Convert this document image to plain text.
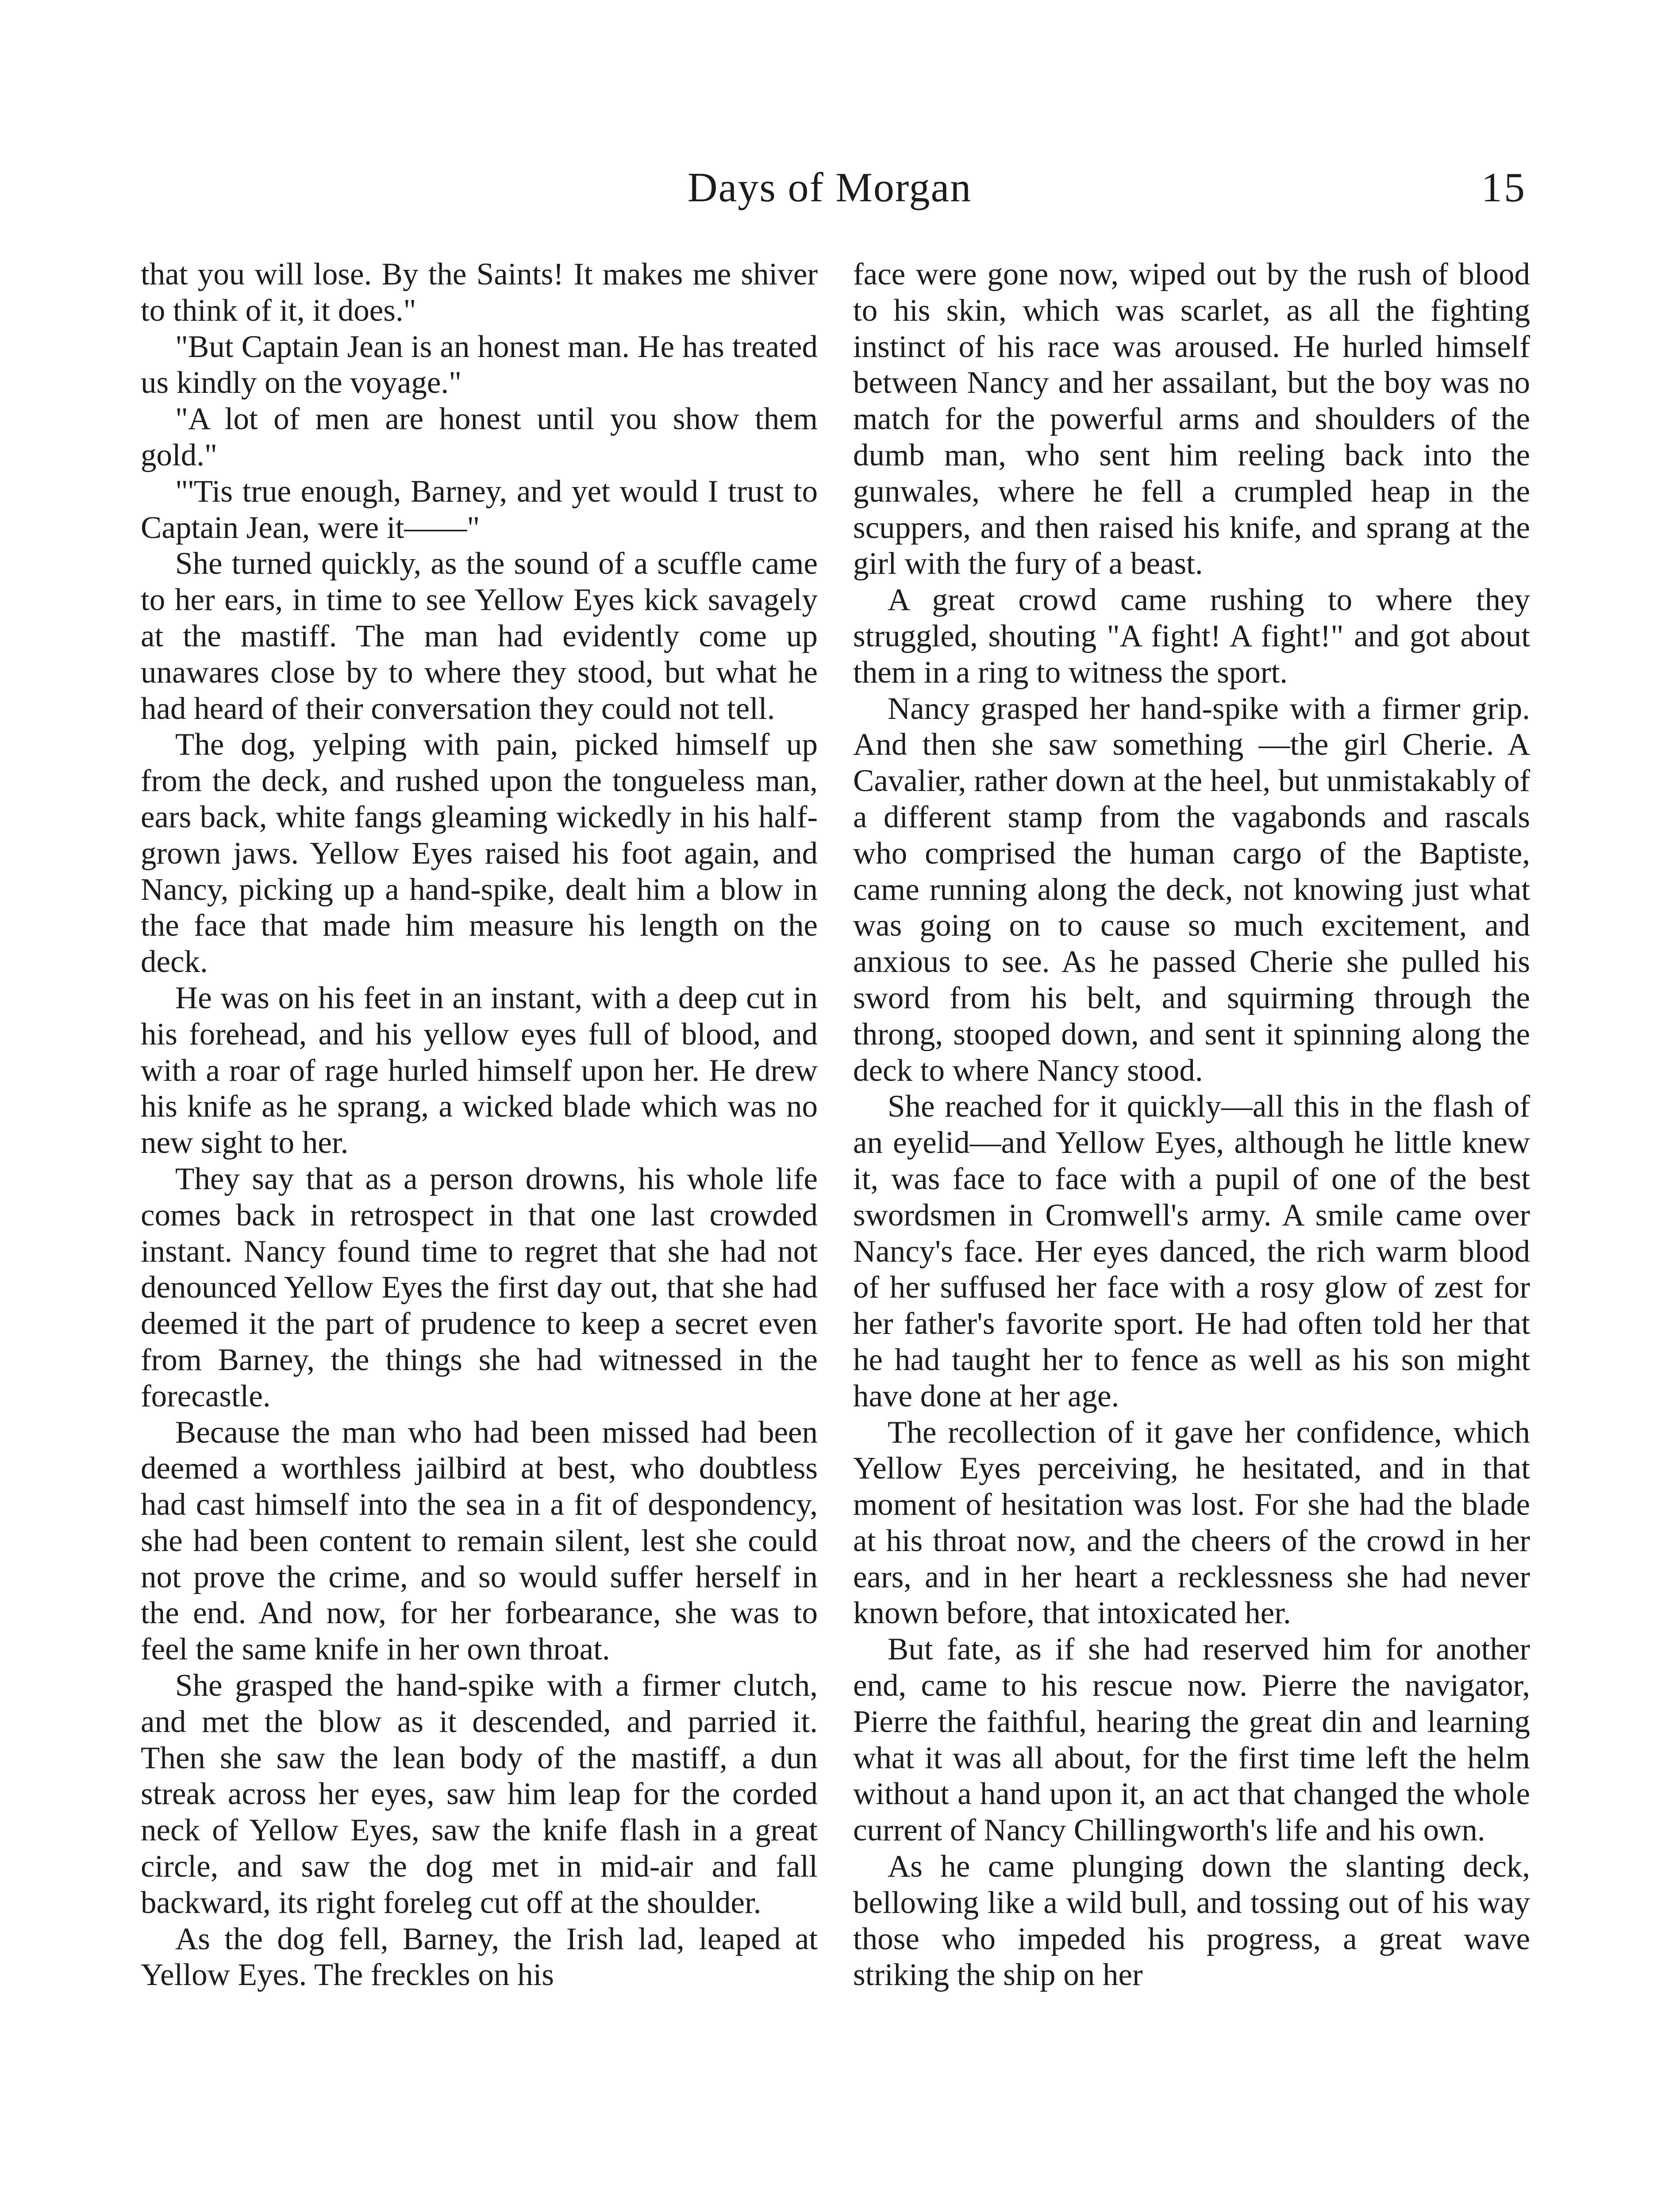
Days of Morgan	15

that you will lose. By the Saints! It makes me shiver to think of it, it does."

"But Captain Jean is an honest man. He has treated us kindly on the voyage."

"A lot of men are honest until you show them gold."

"'Tis true enough, Barney, and yet would I trust to Captain Jean, were it——"

She turned quickly, as the sound of a scuffle came to her ears, in time to see Yellow Eyes kick savagely at the mastiff. The man had evidently come up unawares close by to where they stood, but what he had heard of their conversation they could not tell.

The dog, yelping with pain, picked himself up from the deck, and rushed upon the tongueless man, ears back, white fangs gleaming wickedly in his half-grown jaws. Yellow Eyes raised his foot again, and Nancy, picking up a hand-spike, dealt him a blow in the face that made him measure his length on the deck.

He was on his feet in an instant, with a deep cut in his forehead, and his yellow eyes full of blood, and with a roar of rage hurled himself upon her. He drew his knife as he sprang, a wicked blade which was no new sight to her.

They say that as a person drowns, his whole life comes back in retrospect in that one last crowded instant. Nancy found time to regret that she had not denounced Yellow Eyes the first day out, that she had deemed it the part of prudence to keep a secret even from Barney, the things she had witnessed in the forecastle.

Because the man who had been missed had been deemed a worthless jailbird at best, who doubtless had cast himself into the sea in a fit of despondency, she had been content to remain silent, lest she could not prove the crime, and so would suffer herself in the end. And now, for her forbearance, she was to feel the same knife in her own throat.

She grasped the hand-spike with a firmer clutch, and met the blow as it descended, and parried it. Then she saw the lean body of the mastiff, a dun streak across her eyes, saw him leap for the corded neck of Yellow Eyes, saw the knife flash in a great circle, and saw the dog met in mid-air and fall backward, its right foreleg cut off at the shoulder.

As the dog fell, Barney, the Irish lad, leaped at Yellow Eyes. The freckles on his

face were gone now, wiped out by the rush of blood to his skin, which was scarlet, as all the fighting instinct of his race was aroused. He hurled himself between Nancy and her assailant, but the boy was no match for the powerful arms and shoulders of the dumb man, who sent him reeling back into the gunwales, where he fell a crumpled heap in the scuppers, and then raised his knife, and sprang at the girl with the fury of a beast.

A great crowd came rushing to where they struggled, shouting "A fight! A fight!" and got about them in a ring to witness the sport.

Nancy grasped her hand-spike with a firmer grip. And then she saw something —the girl Cherie. A Cavalier, rather down at the heel, but unmistakably of a different stamp from the vagabonds and rascals who comprised the human cargo of the Baptiste, came running along the deck, not knowing just what was going on to cause so much excitement, and anxious to see. As he passed Cherie she pulled his sword from his belt, and squirming through the throng, stooped down, and sent it spinning along the deck to where Nancy stood.

She reached for it quickly—all this in the flash of an eyelid—and Yellow Eyes, although he little knew it, was face to face with a pupil of one of the best swordsmen in Cromwell's army. A smile came over Nancy's face. Her eyes danced, the rich warm blood of her suffused her face with a rosy glow of zest for her father's favorite sport. He had often told her that he had taught her to fence as well as his son might have done at her age.

The recollection of it gave her confidence, which Yellow Eyes perceiving, he hesitated, and in that moment of hesitation was lost. For she had the blade at his throat now, and the cheers of the crowd in her ears, and in her heart a recklessness she had never known before, that intoxicated her.

But fate, as if she had reserved him for another end, came to his rescue now. Pierre the navigator, Pierre the faithful, hearing the great din and learning what it was all about, for the first time left the helm without a hand upon it, an act that changed the whole current of Nancy Chillingworth's life and his own.

As he came plunging down the slanting deck, bellowing like a wild bull, and tossing out of his way those who impeded his progress, a great wave striking the ship on her
